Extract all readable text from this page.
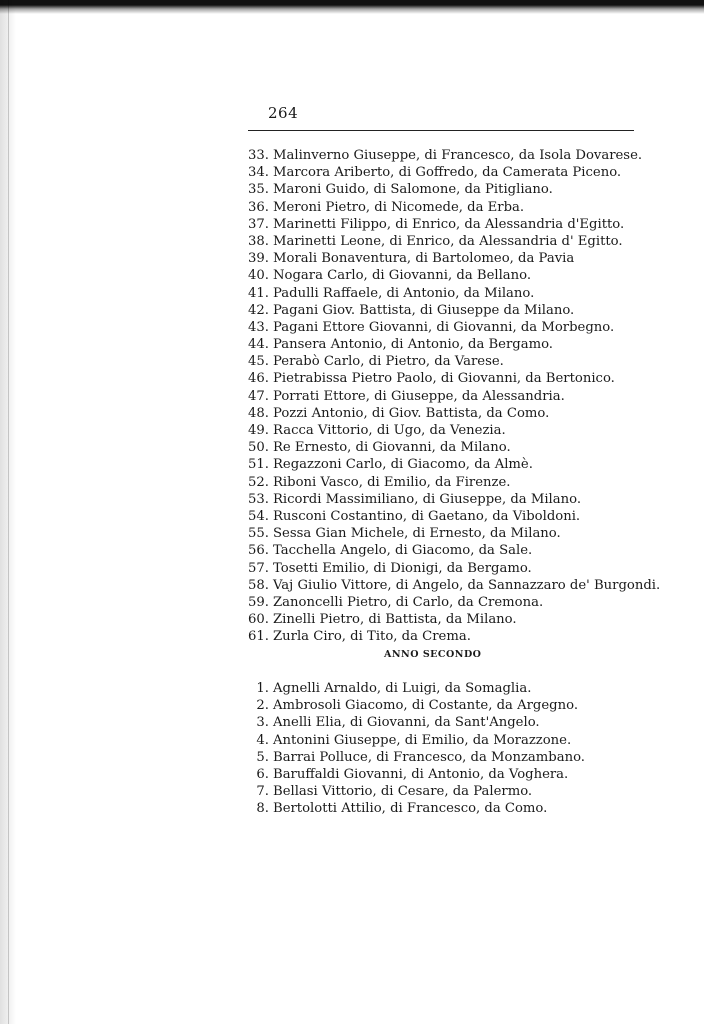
264
33. Malinverno Giuseppe, di Francesco, da Isola Dovarese.
34. Marcora Ariberto, di Goffredo, da Camerata Piceno.
35. Maroni Guido, di Salomone, da Pitigliano.
36. Meroni Pietro, di Nicomede, da Erba.
37. Marinetti Filippo, di Enrico, da Alessandria d'Egitto.
38. Marinetti Leone, di Enrico, da Alessandria d' Egitto.
39. Morali Bonaventura, di Bartolomeo, da Pavia
40. Nogara Carlo, di Giovanni, da Bellano.
41. Padulli Raffaele, di Antonio, da Milano.
42. Pagani Giov. Battista, di Giuseppe da Milano.
43. Pagani Ettore Giovanni, di Giovanni, da Morbegno.
44. Pansera Antonio, di Antonio, da Bergamo.
45. Perabò Carlo, di Pietro, da Varese.
46. Pietrabissa Pietro Paolo, di Giovanni, da Bertonico.
47. Porrati Ettore, di Giuseppe, da Alessandria.
48. Pozzi Antonio, di Giov. Battista, da Como.
49. Racca Vittorio, di Ugo, da Venezia.
50. Re Ernesto, di Giovanni, da Milano.
51. Regazzoni Carlo, di Giacomo, da Almè.
52. Riboni Vasco, di Emilio, da Firenze.
53. Ricordi Massimiliano, di Giuseppe, da Milano.
54. Rusconi Costantino, di Gaetano, da Viboldoni.
55. Sessa Gian Michele, di Ernesto, da Milano.
56. Tacchella Angelo, di Giacomo, da Sale.
57. Tosetti Emilio, di Dionigi, da Bergamo.
58. Vaj Giulio Vittore, di Angelo, da Sannazzaro de' Burgondi.
59. Zanoncelli Pietro, di Carlo, da Cremona.
60. Zinelli Pietro, di Battista, da Milano.
61. Zurla Ciro, di Tito, da Crema.
ANNO SECONDO
1. Agnelli Arnaldo, di Luigi, da Somaglia.
2. Ambrosoli Giacomo, di Costante, da Argegno.
3. Anelli Elia, di Giovanni, da Sant'Angelo.
4. Antonini Giuseppe, di Emilio, da Morazzone.
5. Barrai Polluce, di Francesco, da Monzambano.
6. Baruffaldi Giovanni, di Antonio, da Voghera.
7. Bellasi Vittorio, di Cesare, da Palermo.
8. Bertolotti Attilio, di Francesco, da Como.
